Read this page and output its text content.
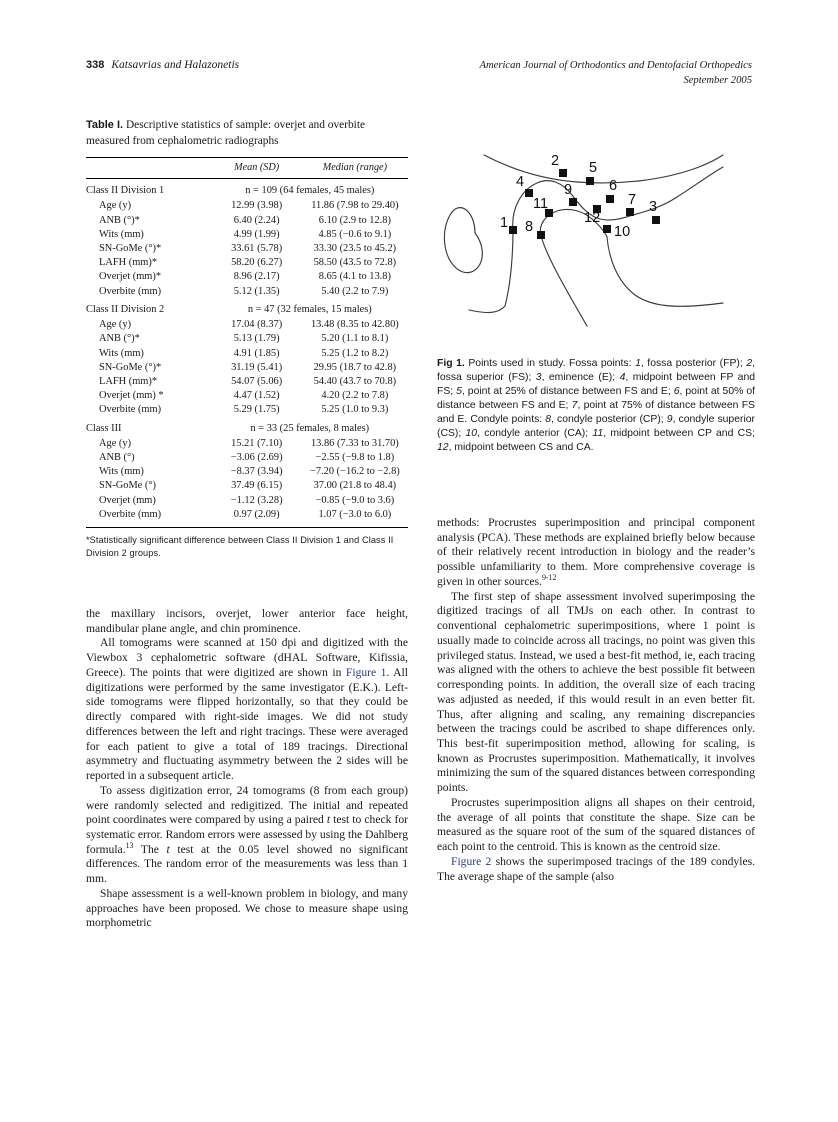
338 Katsavrias and Halazonetis	American Journal of Orthodontics and Dentofacial Orthopedics
September 2005
Table I. Descriptive statistics of sample: overjet and overbite measured from cephalometric radiographs
	Mean (SD)	Median (range)
Class II Division 1	n = 109 (64 females, 45 males)	
Age (y)	12.99 (3.98)	11.86 (7.98 to 29.40)
ANB (°)*	6.40 (2.24)	6.10 (2.9 to 12.8)
Wits (mm)	4.99 (1.99)	4.85 (−0.6 to 9.1)
SN-GoMe (°)*	33.61 (5.78)	33.30 (23.5 to 45.2)
LAFH (mm)*	58.20 (6.27)	58.50 (43.5 to 72.8)
Overjet (mm)*	8.96 (2.17)	8.65 (4.1 to 13.8)
Overbite (mm)	5.12 (1.35)	5.40 (2.2 to 7.9)
Class II Division 2	n = 47 (32 females, 15 males)	
Age (y)	17.04 (8.37)	13.48 (8.35 to 42.80)
ANB (°)*	5.13 (1.79)	5.20 (1.1 to 8.1)
Wits (mm)	4.91 (1.85)	5.25 (1.2 to 8.2)
SN-GoMe (°)*	31.19 (5.41)	29.95 (18.7 to 42.8)
LAFH (mm)*	54.07 (5.06)	54.40 (43.7 to 70.8)
Overjet (mm) *	4.47 (1.52)	4.20 (2.2 to 7.8)
Overbite (mm)	5.29 (1.75)	5.25 (1.0 to 9.3)
Class III	n = 33 (25 females, 8 males)	
Age (y)	15.21 (7.10)	13.86 (7.33 to 31.70)
ANB (°)	−3.06 (2.69)	−2.55 (−9.8 to 1.8)
Wits (mm)	−8.37 (3.94)	−7.20 (−16.2 to −2.8)
SN-GoMe (°)	37.49 (6.15)	37.00 (21.8 to 48.4)
Overjet (mm)	−1.12 (3.28)	−0.85 (−9.0 to 3.6)
Overbite (mm)	0.97 (2.09)	1.07 (−3.0 to 6.0)

*Statistically significant difference between Class II Division 1 and Class II Division 2 groups.
1
2
3
4
5
6
7
8
9
10
11
12
Fig 1. Points used in study. Fossa points: 1, fossa posterior (FP); 2, fossa superior (FS); 3, eminence (E); 4, midpoint between FP and FS; 5, point at 25% of distance between FS and E; 6, point at 50% of distance between FS and E; 7, point at 75% of distance between FS and E. Condyle points: 8, condyle posterior (CP); 9, condyle superior (CS); 10, condyle anterior (CA); 11, midpoint between CP and CS; 12, midpoint between CS and CA.

the maxillary incisors, overjet, lower anterior face height, mandibular plane angle, and chin prominence.

All tomograms were scanned at 150 dpi and digitized with the Viewbox 3 cephalometric software (dHAL Software, Kifissia, Greece). The points that were digitized are shown in Figure 1. All digitizations were performed by the same investigator (E.K.). Left-side tomograms were flipped horizontally, so that they could be directly compared with right-side images. We did not study differences between the left and right tracings. These were averaged for each patient to give a total of 189 tracings. Directional asymmetry and fluctuating asymmetry between the 2 sides will be reported in a subsequent article.

To assess digitization error, 24 tomograms (8 from each group) were randomly selected and redigitized. The initial and repeated point coordinates were compared by using a paired t test to check for systematic error. Random errors were assessed by using the Dahlberg formula.$^{13}$ The t test at the 0.05 level showed no significant differences. The random error of the measurements was less than 1 mm.

Shape assessment is a well-known problem in biology, and many approaches have been proposed. We chose to measure shape using morphometric

methods: Procrustes superimposition and principal component analysis (PCA). These methods are explained briefly below because of their relatively recent introduction in biology and the reader’s possible unfamiliarity to them. More comprehensive coverage is given in other sources.$^{9-12}$

The first step of shape assessment involved superimposing the digitized tracings of all TMJs on each other. In contrast to conventional cephalometric superimpositions, where 1 point is usually made to coincide across all tracings, no point was given this privileged status. Instead, we used a best-fit method, ie, each tracing was aligned with the others to achieve the best possible fit between corresponding points. In addition, the overall size of each tracing was adjusted as needed, if this would result in an even better fit. Thus, after aligning and scaling, any remaining discrepancies between the tracings could be ascribed to shape differences only. This best-fit superimposition method, allowing for scaling, is known as Procrustes superimposition. Mathematically, it involves minimizing the sum of the squared distances between corresponding points.

Procrustes superimposition aligns all shapes on their centroid, the average of all points that constitute the shape. Size can be measured as the square root of the sum of the squared distances of each point to the centroid. This is known as the centroid size.

Figure 2 shows the superimposed tracings of the 189 condyles. The average shape of the sample (also
